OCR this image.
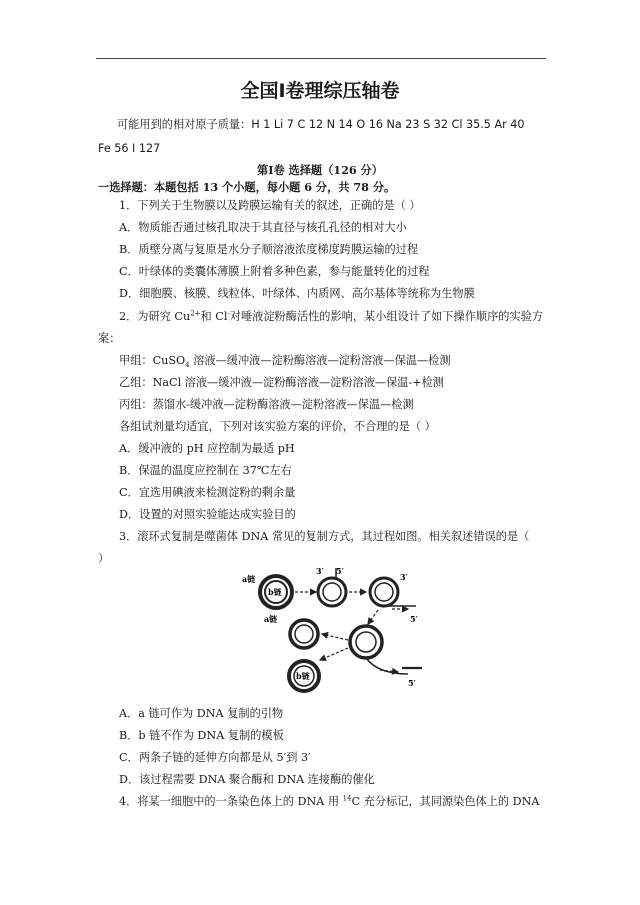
全国I卷理综压轴卷
可能用到的相对原子质量：H 1 Li 7 C 12 N 14 O 16 Na 23 S 32 Cl 35.5 Ar 40
Fe 56 I 127
第I卷 选择题（126 分）
一选择题：本题包括 13 个小题，每小题 6 分，共 78 分。
1．下列关于生物膜以及跨膜运输有关的叙述，正确的是（ ）
A．物质能否通过核孔取决于其直径与核孔孔径的相对大小
B．质壁分离与复原是水分子顺溶液浓度梯度跨膜运输的过程
C．叶绿体的类囊体薄膜上附着多种色素，参与能量转化的过程
D．细胞膜、核膜、线粒体、叶绿体、内质网、高尔基体等统称为生物膜
2．为研究 $Cu^{2+}$和 Cl-对唾液淀粉酶活性的影响，某小组设计了如下操作顺序的实验方
案：
甲组：CuSO$_4$ 溶液—缓冲液—淀粉酶溶液—淀粉溶液—保温—检测
乙组：NaCl 溶液—缓冲液—淀粉酶溶液—淀粉溶液—保温-+检测
丙组：蒸馏水-缓冲液—淀粉酶溶液—淀粉溶液—保温—检测
各组试剂量均适宜，下列对该实验方案的评价，不合理的是（ ）
A．缓冲液的 pH 应控制为最适 pH
B．保温的温度应控制在 37℃左右
C．宜选用碘液来检测淀粉的剩余量
D．设置的对照实验能达成实验目的
3．滚环式复制是噬菌体 DNA 常见的复制方式，其过程如图。相关叙述错误的是（
）
a链
b链
3′ 5′
3′
5′
5′
a链
b链
A．a 链可作为 DNA 复制的引物
B．b 链不作为 DNA 复制的模板
C．两条子链的延伸方向都是从 5′到 3′
D．该过程需要 DNA 聚合酶和 DNA 连接酶的催化
4．将某一细胞中的一条染色体上的 DNA 用 $^{14}$C 充分标记，其同源染色体上的 DNA
